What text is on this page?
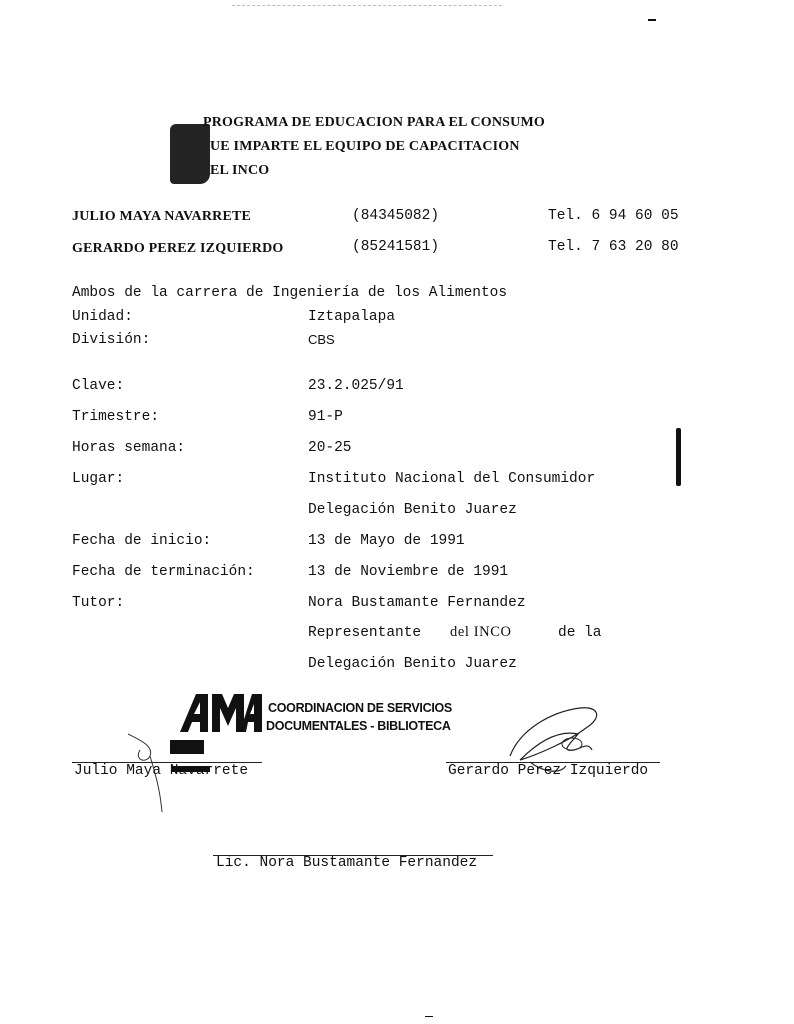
PROGRAMA DE EDUCACION PARA EL CONSUMO
UE IMPARTE EL EQUIPO DE CAPACITACION
EL INCO
JULIO MAYA NAVARRETE	(84345082)	Tel. 6 94 60 05
GERARDO PEREZ IZQUIERDO	(85241581)	Tel. 7 63 20 80
Ambos de la carrera de Ingeniería de los Alimentos
Unidad:	Iztapalapa
División:	CBS
Clave:	23.2.025/91
Trimestre:	91-P
Horas semana:	20-25
Lugar:	Instituto Nacional del Consumidor
Delegación Benito Juarez
Fecha de inicio:	13 de Mayo de 1991
Fecha de terminación:	13 de Noviembre de 1991
Tutor:	Nora Bustamante Fernandez
Representante del INCO	de la
Delegación Benito Juarez
COORDINACION DE SERVICIOS
DOCUMENTALES - BIBLIOTECA
Julio Maya Navarrete	Gerardo Perez Izquierdo
Lic. Nora Bustamante Fernandez
